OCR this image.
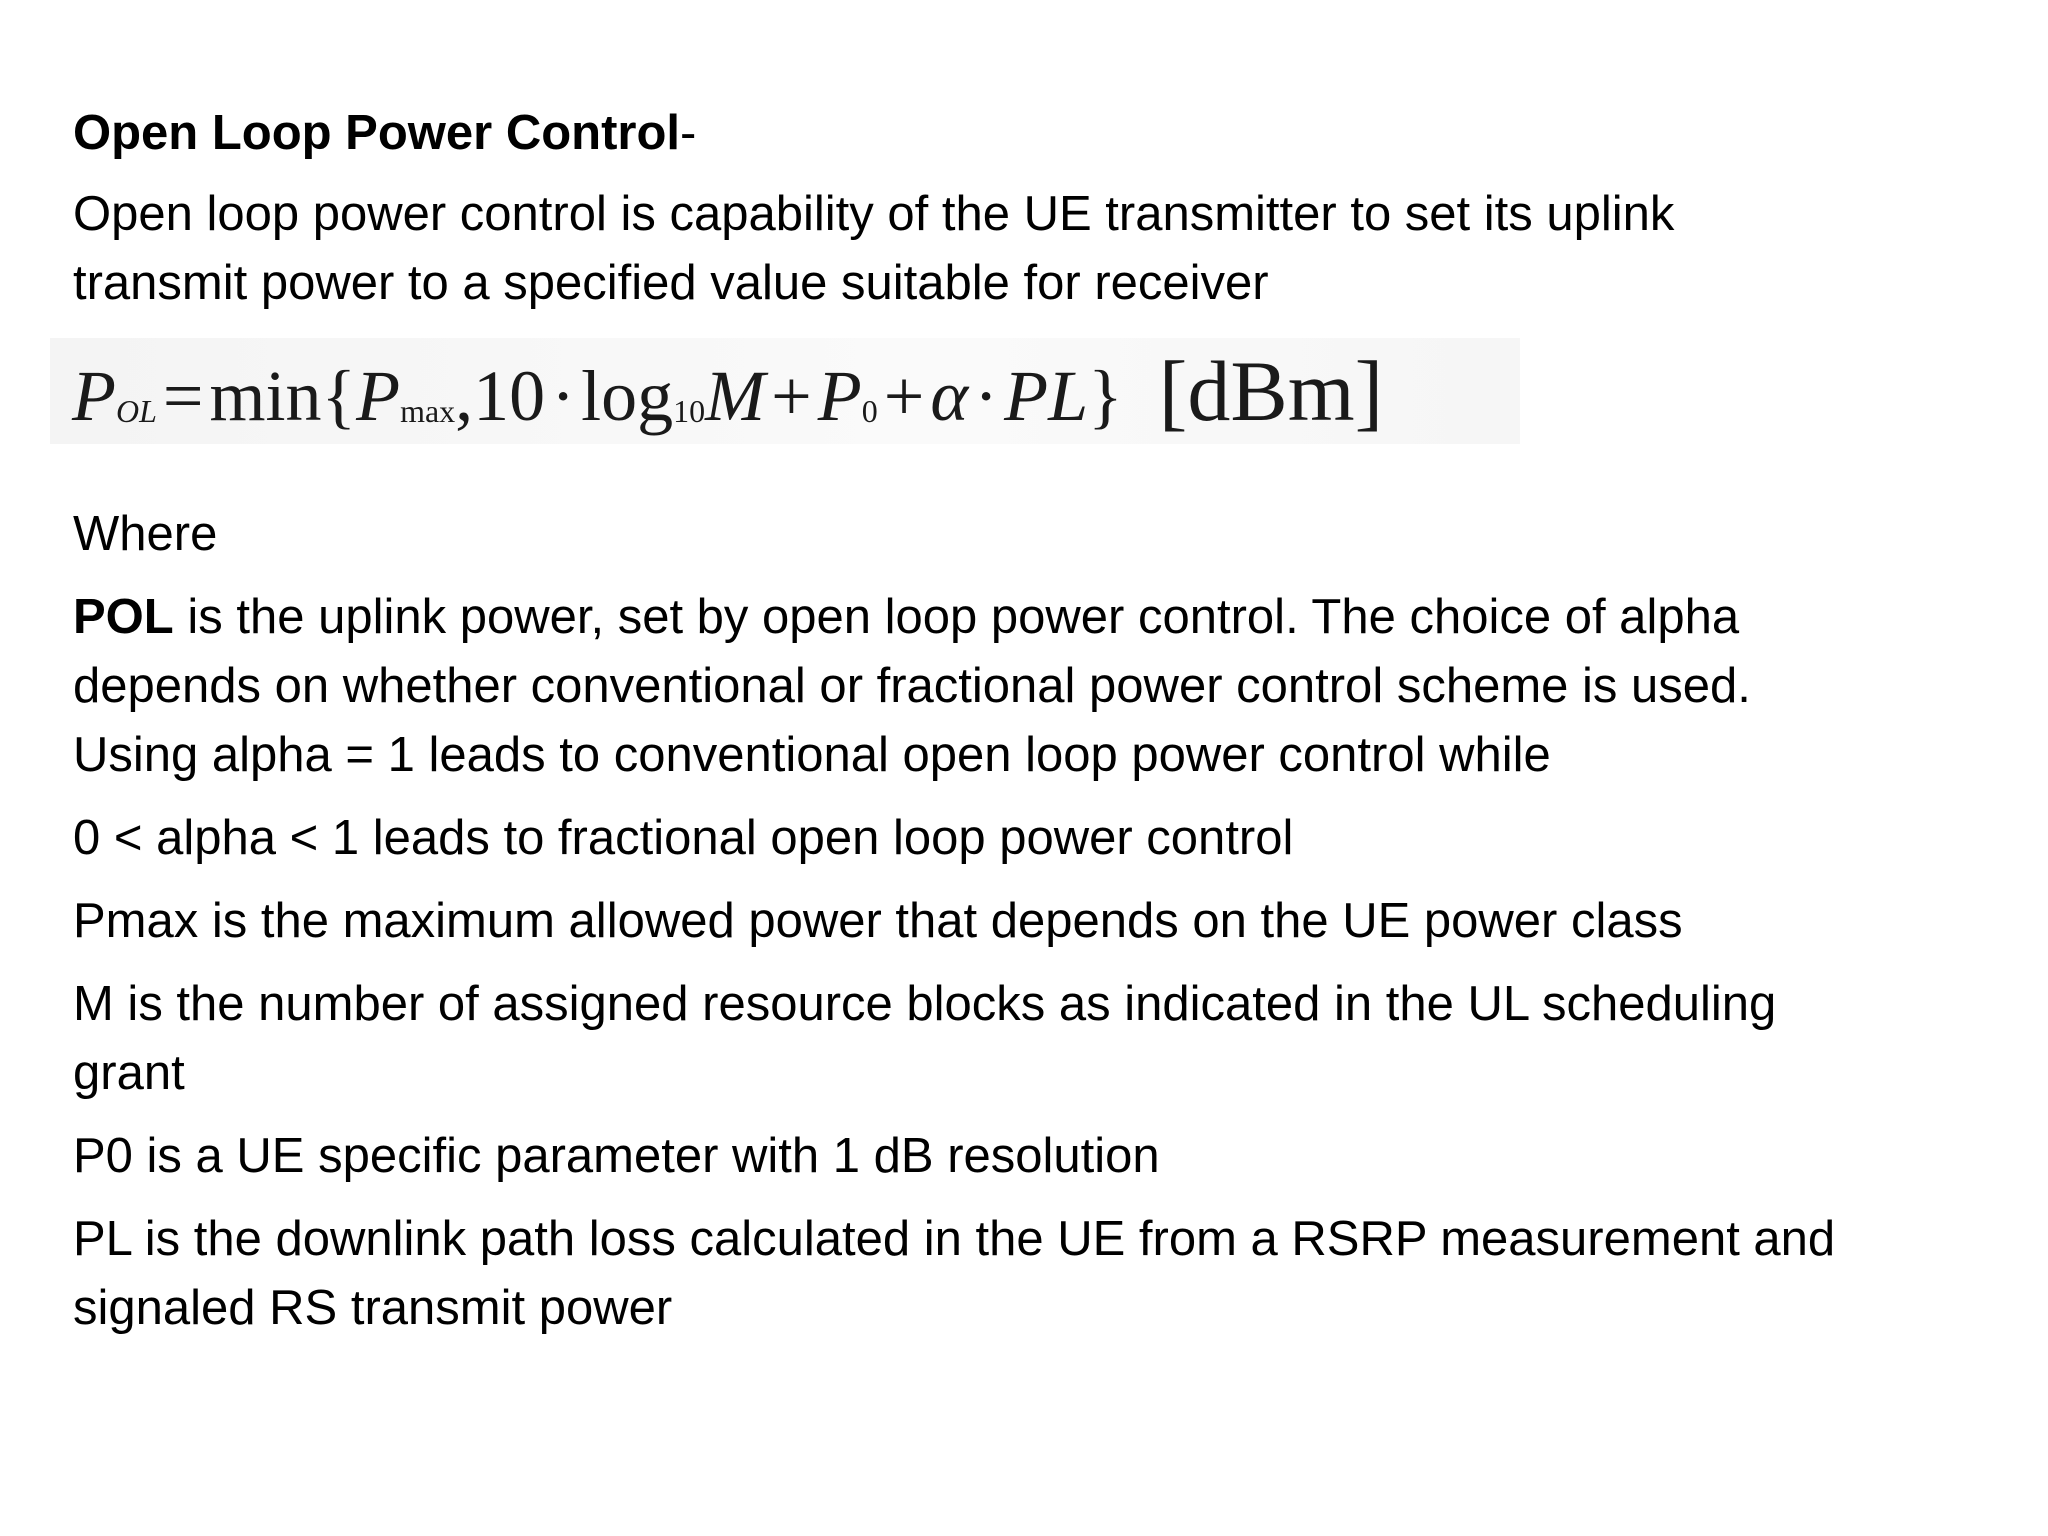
Open Loop Power Control-
Open loop power control is capability of the UE transmitter to set its uplink
transmit power to a specified value suitable for receiver
POL=min{Pmax,10·log10M+P0+α·PL} [dBm]
Where
POL is the uplink power, set by open loop power control. The choice of alpha
depends on whether conventional or fractional power control scheme is used.
Using alpha = 1 leads to conventional open loop power control while
0 < alpha < 1 leads to fractional open loop power control
Pmax is the maximum allowed power that depends on the UE power class
M is the number of assigned resource blocks as indicated in the UL scheduling
grant
P0 is a UE specific parameter with 1 dB resolution
PL is the downlink path loss calculated in the UE from a RSRP measurement and
signaled RS transmit power
